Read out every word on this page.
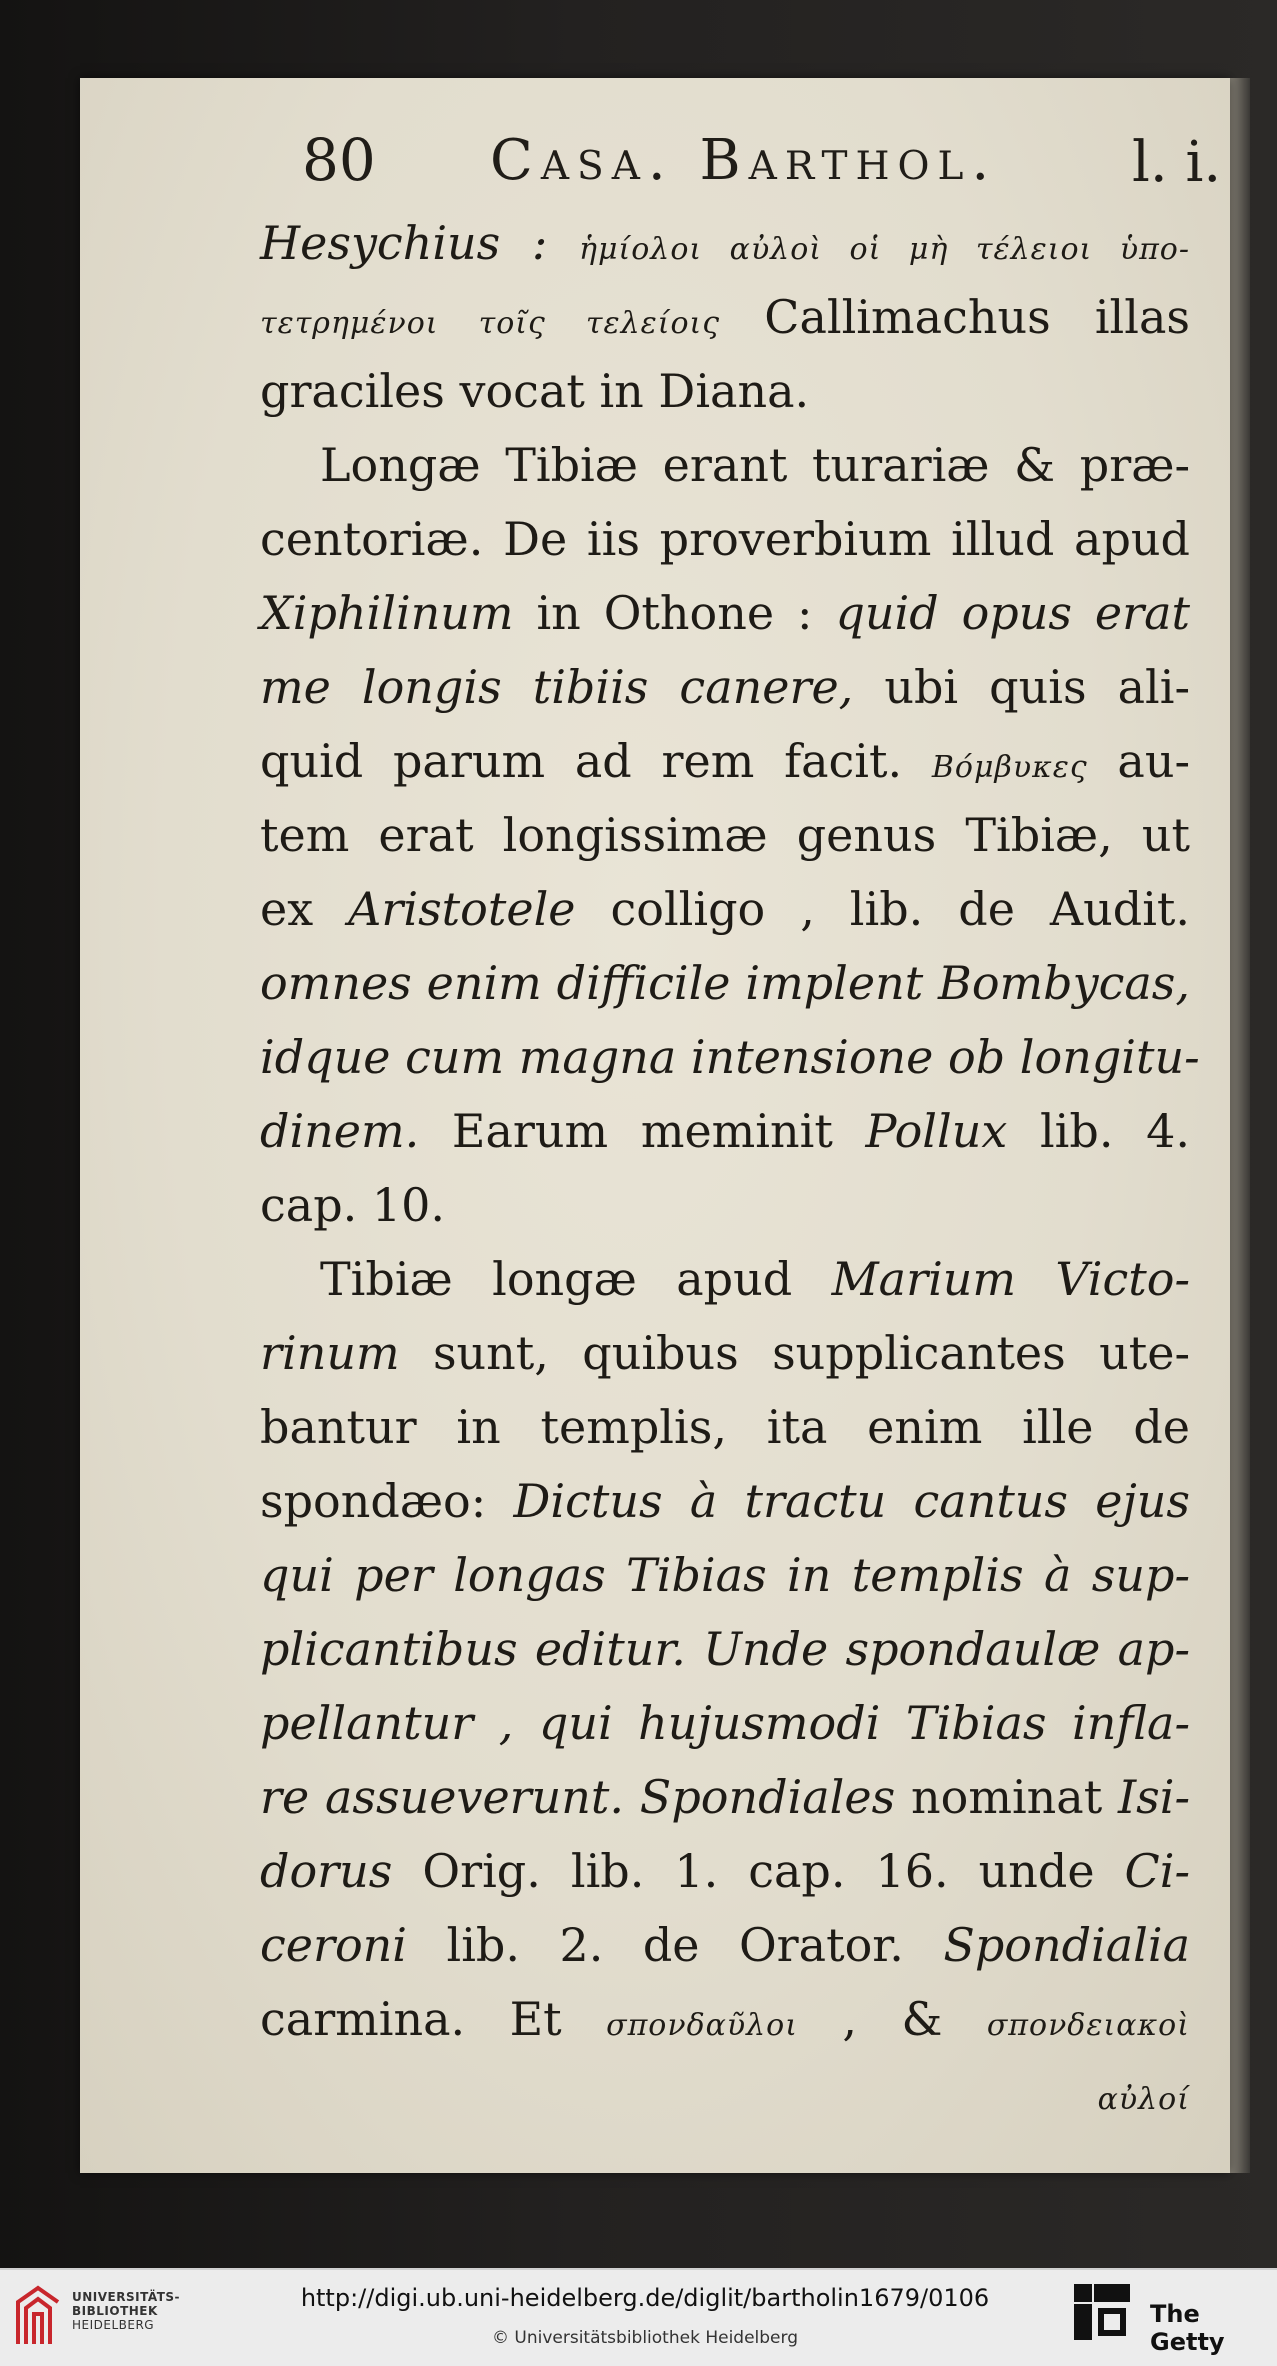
80 Casa. Barthol. l. i.
Hesychius : ἡμίολοι αὐλοὶ οἱ μὴ τέλειοι ὑπο-
τετρημένοι τοῖς τελείοις Callimachus illas
graciles vocat in Diana.
Longæ Tibiæ erant turariæ & præ-
centoriæ. De iis proverbium illud apud
Xiphilinum in Othone : quid opus erat
me longis tibiis canere, ubi quis ali-
quid parum ad rem facit. Βόμβυκες au-
tem erat longissimæ genus Tibiæ, ut
ex Aristotele colligo , lib. de Audit.
omnes enim difficile implent Bombycas,
idque cum magna intensione ob longitu-
dinem. Earum meminit Pollux lib. 4.
cap. 10.
Tibiæ longæ apud Marium Victo-
rinum sunt, quibus supplicantes ute-
bantur in templis, ita enim ille de
spondæo: Dictus à tractu cantus ejus
qui per longas Tibias in templis à sup-
plicantibus editur. Unde spondaulæ ap-
pellantur , qui hujusmodi Tibias infla-
re assueverunt. Spondiales nominat Isi-
dorus Orig. lib. 1. cap. 16. unde Ci-
ceroni lib. 2. de Orator. Spondialia
carmina. Et σπονδαῦλοι , & σπονδειακοὶ
αὐλοί
UNIVERSITÄTS-
BIBLIOTHEK
HEIDELBERG
http://digi.ub.uni-heidelberg.de/diglit/bartholin1679/0106
© Universitätsbibliothek Heidelberg
The Getty
